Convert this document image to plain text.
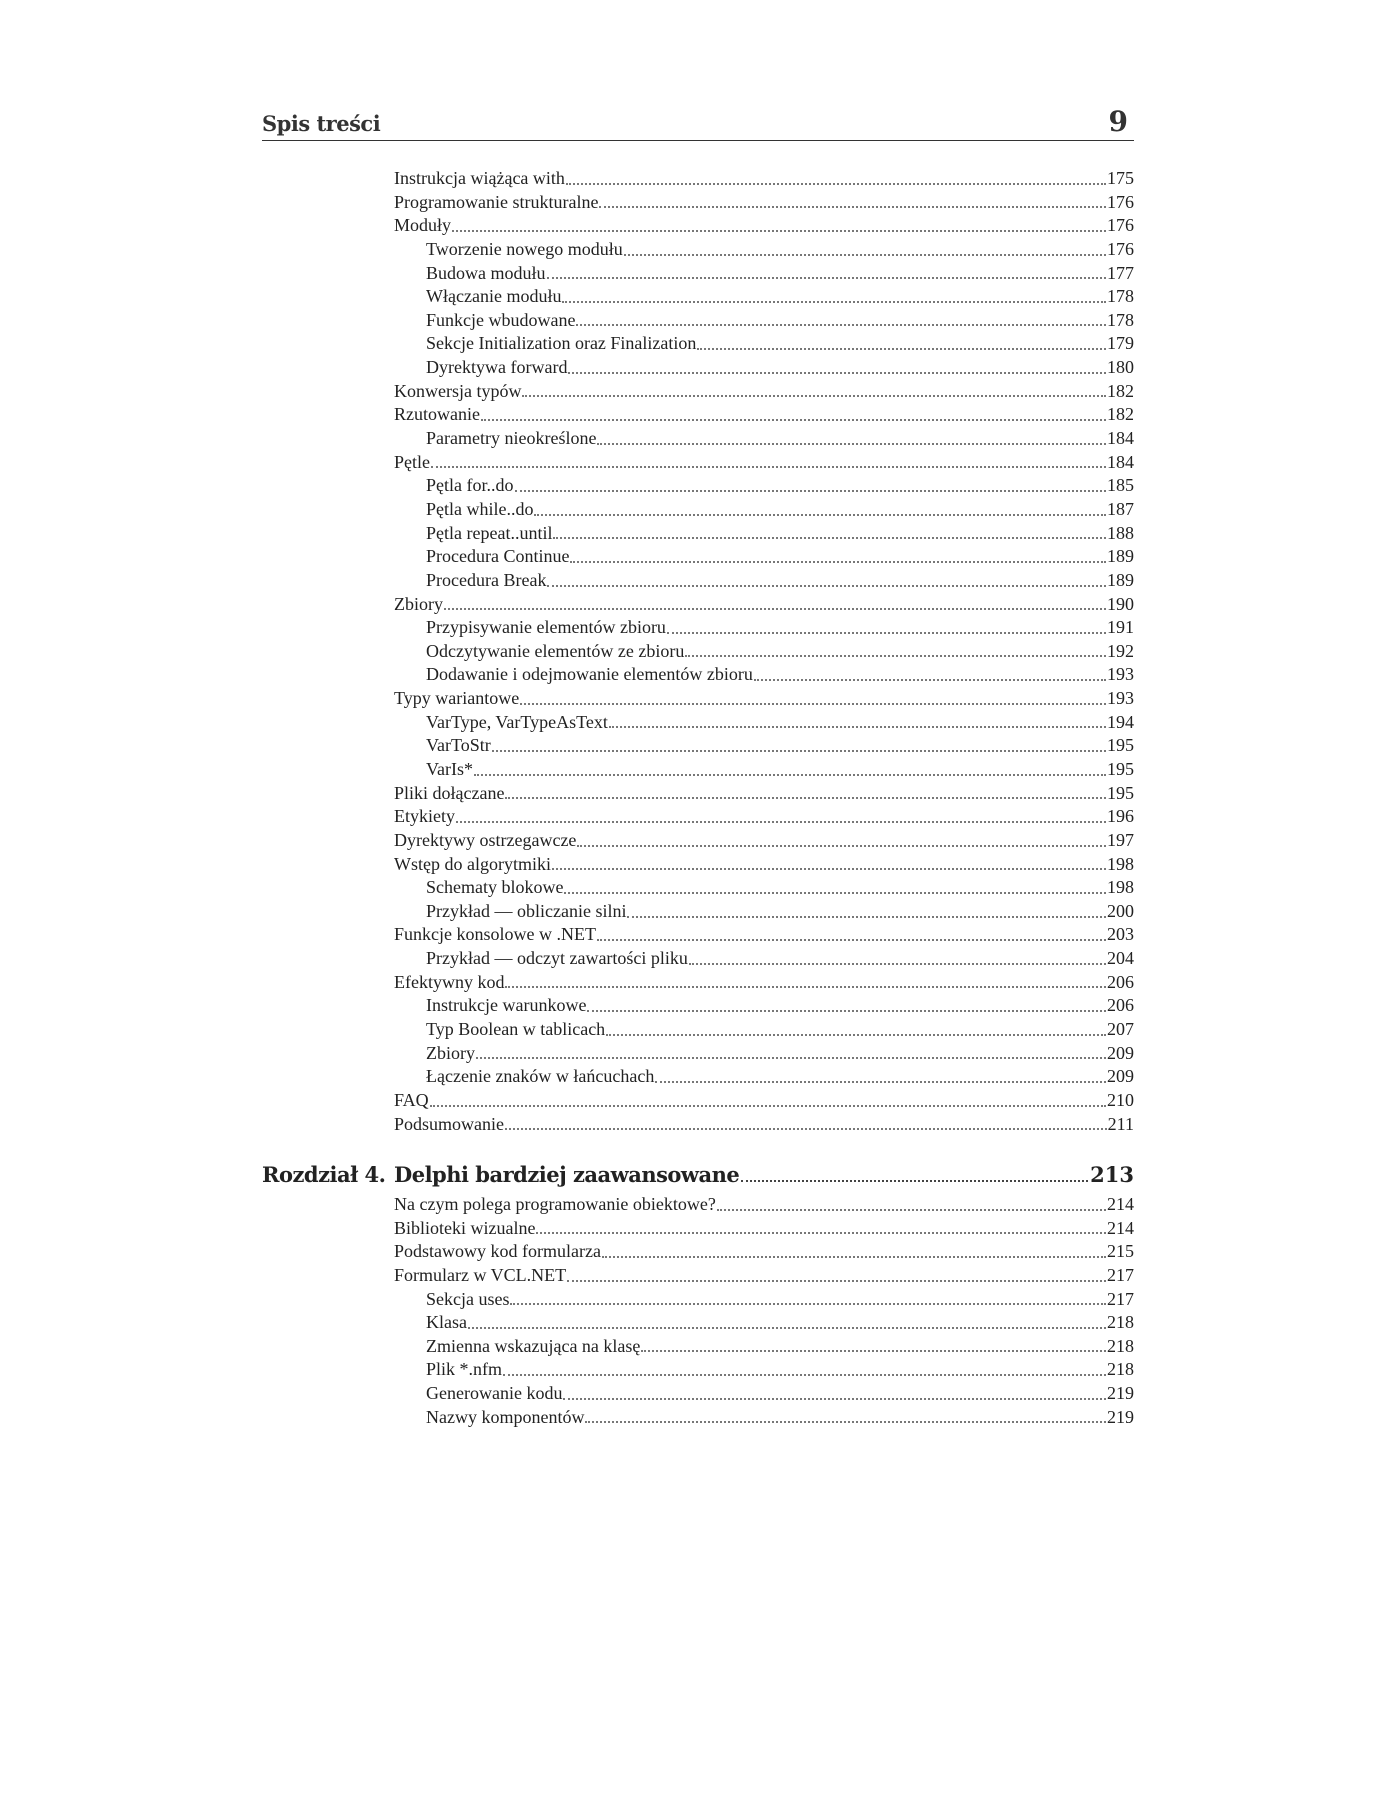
Spis treści	9
Instrukcja wiążąca with	175
Programowanie strukturalne	176
Moduły	176
Tworzenie nowego modułu	176
Budowa modułu	177
Włączanie modułu	178
Funkcje wbudowane	178
Sekcje Initialization oraz Finalization	179
Dyrektywa forward	180
Konwersja typów	182
Rzutowanie	182
Parametry nieokreślone	184
Pętle	184
Pętla for..do	185
Pętla while..do	187
Pętla repeat..until	188
Procedura Continue	189
Procedura Break	189
Zbiory	190
Przypisywanie elementów zbioru	191
Odczytywanie elementów ze zbioru	192
Dodawanie i odejmowanie elementów zbioru	193
Typy wariantowe	193
VarType, VarTypeAsText	194
VarToStr	195
VarIs*	195
Pliki dołączane	195
Etykiety	196
Dyrektywy ostrzegawcze	197
Wstęp do algorytmiki	198
Schematy blokowe	198
Przykład — obliczanie silni	200
Funkcje konsolowe w .NET	203
Przykład — odczyt zawartości pliku	204
Efektywny kod	206
Instrukcje warunkowe	206
Typ Boolean w tablicach	207
Zbiory	209
Łączenie znaków w łańcuchach	209
FAQ	210
Podsumowanie	211
Rozdział 4. Delphi bardziej zaawansowane	213
Na czym polega programowanie obiektowe?	214
Biblioteki wizualne	214
Podstawowy kod formularza	215
Formularz w VCL.NET	217
Sekcja uses	217
Klasa	218
Zmienna wskazująca na klasę	218
Plik *.nfm	218
Generowanie kodu	219
Nazwy komponentów	219
